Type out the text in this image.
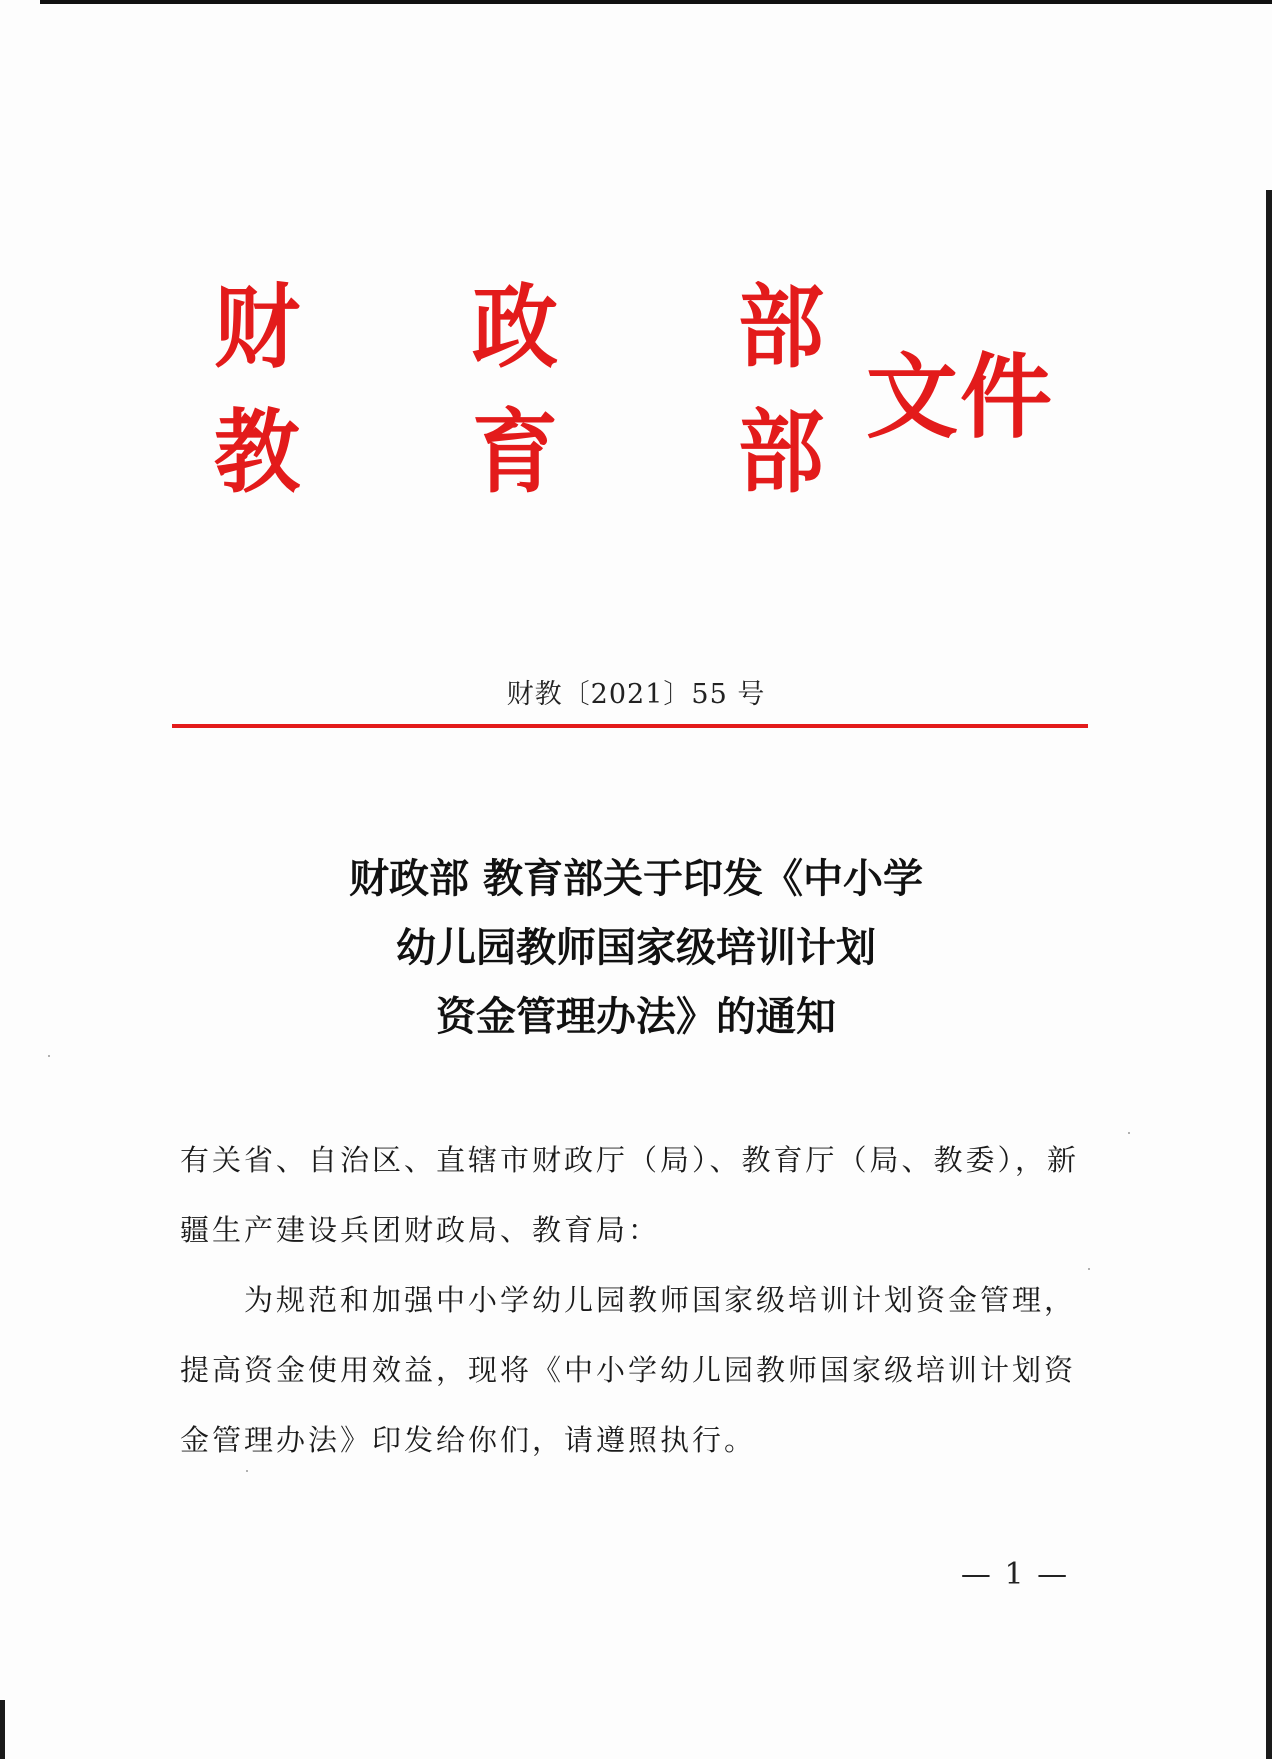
财 政 部
教 育 部
文件
财教〔2021〕55 号
财政部 教育部关于印发《中小学
幼儿园教师国家级培训计划
资金管理办法》的通知
有关省、自治区、直辖市财政厅（局）、教育厅（局、教委），新
疆生产建设兵团财政局、教育局：
为规范和加强中小学幼儿园教师国家级培训计划资金管理，
提高资金使用效益，现将《中小学幼儿园教师国家级培训计划资
金管理办法》印发给你们，请遵照执行。
— 1 —
